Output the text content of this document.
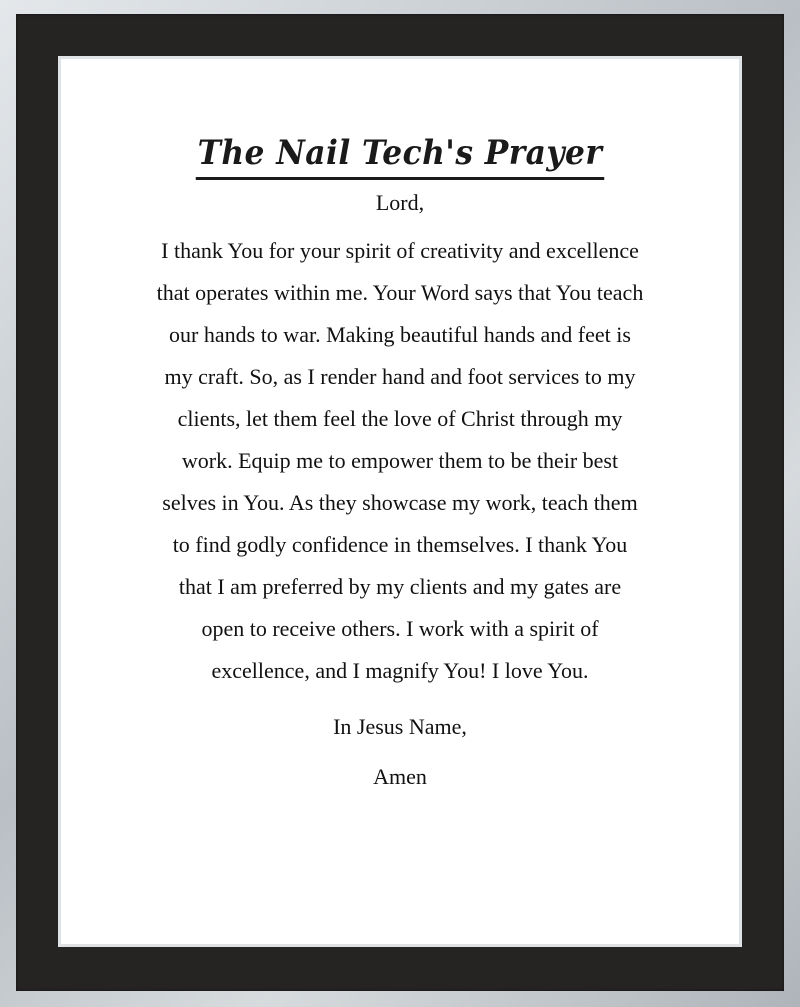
The Nail Tech's Prayer

Lord,

I thank You for your spirit of creativity and excellence
that operates within me. Your Word says that You teach
our hands to war. Making beautiful hands and feet is
my craft. So, as I render hand and foot services to my
clients, let them feel the love of Christ through my
work. Equip me to empower them to be their best
selves in You. As they showcase my work, teach them
to find godly confidence in themselves. I thank You
that I am preferred by my clients and my gates are
open to receive others. I work with a spirit of
excellence, and I magnify You! I love You.

In Jesus Name,

Amen
